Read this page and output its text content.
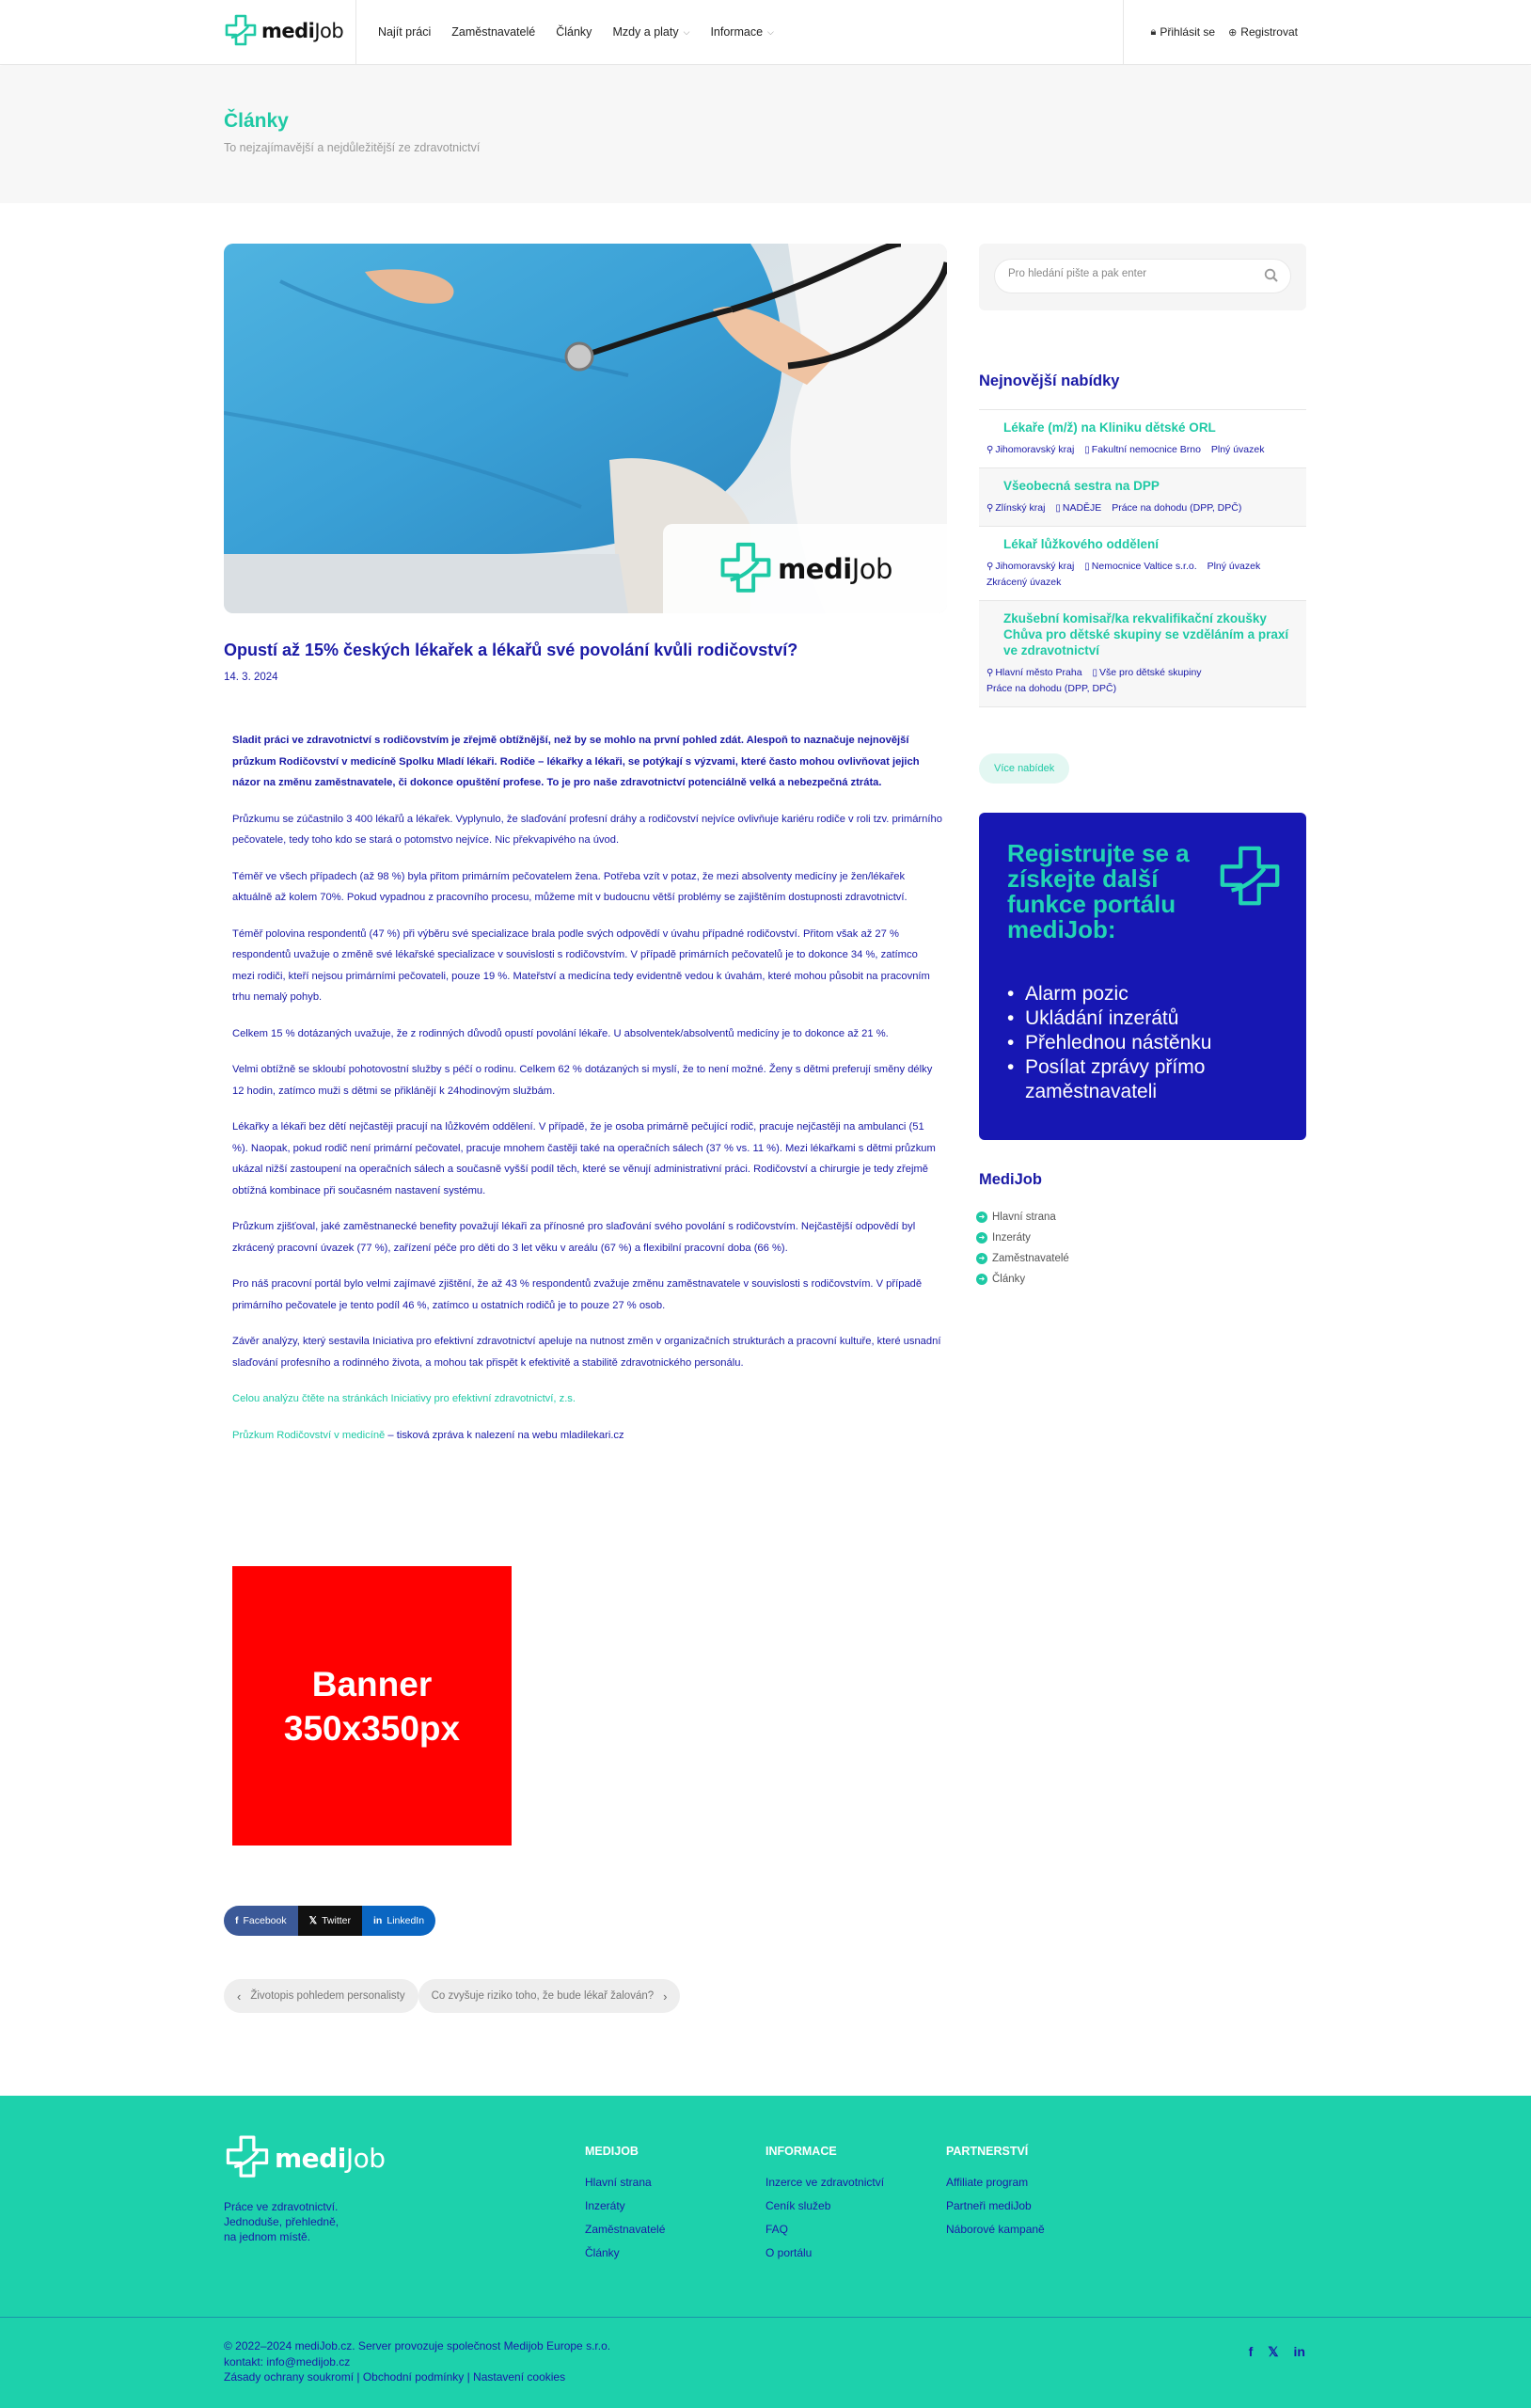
mediJob	Najít práci Zaměstnavatelé Články Mzdy a platy ⌵ Informace ⌵	🔒︎ Přihlásit se ⊕ Registrovat
Články

To nejzajímavější a nejdůležitější ze zdravotnictví

mediJob
Opustí až 15% českých lékařek a lékařů své povolání kvůli rodičovství?
14. 3. 2024

Sladit práci ve zdravotnictví s rodičovstvím je zřejmě obtížnější, než by se mohlo na první pohled zdát. Alespoň to naznačuje nejnovější průzkum Rodičovství v medicíně Spolku Mladí lékaři. Rodiče – lékařky a lékaři, se potýkají s výzvami, které často mohou ovlivňovat jejich názor na změnu zaměstnavatele, či dokonce opuštění profese. To je pro naše zdravotnictví potenciálně velká a nebezpečná ztráta.

Průzkumu se zúčastnilo 3 400 lékařů a lékařek. Vyplynulo, že slaďování profesní dráhy a rodičovství nejvíce ovlivňuje kariéru rodiče v roli tzv. primárního pečovatele, tedy toho kdo se stará o potomstvo nejvíce. Nic překvapivého na úvod.

Téměř ve všech případech (až 98 %) byla přitom primárním pečovatelem žena. Potřeba vzít v potaz, že mezi absolventy medicíny je žen/lékařek aktuálně až kolem 70%. Pokud vypadnou z pracovního procesu, můžeme mít v budoucnu větší problémy se zajištěním dostupnosti zdravotnictví.

Téměř polovina respondentů (47 %) při výběru své specializace brala podle svých odpovědí v úvahu případné rodičovství. Přitom však až 27 % respondentů uvažuje o změně své lékařské specializace v souvislosti s rodičovstvím. V případě primárních pečovatelů je to dokonce 34 %, zatímco mezi rodiči, kteří nejsou primárními pečovateli, pouze 19 %. Mateřství a medicína tedy evidentně vedou k úvahám, které mohou působit na pracovním trhu nemalý pohyb.

Celkem 15 % dotázaných uvažuje, že z rodinných důvodů opustí povolání lékaře. U absolventek/absolventů medicíny je to dokonce až 21 %.

Velmi obtížně se skloubí pohotovostní služby s péčí o rodinu. Celkem 62 % dotázaných si myslí, že to není možné. Ženy s dětmi preferují směny délky 12 hodin, zatímco muži s dětmi se přiklánějí k 24hodinovým službám.

Lékařky a lékaři bez dětí nejčastěji pracují na lůžkovém oddělení. V případě, že je osoba primárně pečující rodič, pracuje nejčastěji na ambulanci (51 %). Naopak, pokud rodič není primární pečovatel, pracuje mnohem častěji také na operačních sálech (37 % vs. 11 %). Mezi lékařkami s dětmi průzkum ukázal nižší zastoupení na operačních sálech a současně vyšší podíl těch, které se věnují administrativní práci. Rodičovství a chirurgie je tedy zřejmě obtížná kombinace při současném nastavení systému.

Průzkum zjišťoval, jaké zaměstnanecké benefity považují lékaři za přínosné pro slaďování svého povolání s rodičovstvím. Nejčastější odpovědí byl zkrácený pracovní úvazek (77 %), zařízení péče pro děti do 3 let věku v areálu (67 %) a flexibilní pracovní doba (66 %).

Pro náš pracovní portál bylo velmi zajímavé zjištění, že až 43 % respondentů zvažuje změnu zaměstnavatele v souvislosti s rodičovstvím. V případě primárního pečovatele je tento podíl 46 %, zatímco u ostatních rodičů je to pouze 27 % osob.

Závěr analýzy, který sestavila Iniciativa pro efektivní zdravotnictví apeluje na nutnost změn v organizačních strukturách a pracovní kultuře, které usnadní slaďování profesního a rodinného života, a mohou tak přispět k efektivitě a stabilitě zdravotnického personálu.

Celou analýzu čtěte na stránkách Iniciativy pro efektivní zdravotnictví, z.s.

Průzkum Rodičovství v medicíně – tisková zpráva k nalezení na webu mladilekari.cz

Banner
350x350px
f Facebook 𝕏 Twitter in LinkedIn
‹ Životopis pohledem personalisty Co zvyšuje riziko toho, že bude lékař žalován? ›
Pro hledání pište a pak enter
Nejnovější nabídky
Lékaře (m/ž) na Kliniku dětské ORL
⚲ Jihomoravský kraj ▯ Fakultní nemocnice Brno Plný úvazek
Všeobecná sestra na DPP
⚲ Zlínský kraj ▯ NADĚJE Práce na dohodu (DPP, DPČ)
Lékař lůžkového oddělení
⚲ Jihomoravský kraj ▯ Nemocnice Valtice s.r.o. Plný úvazek Zkrácený úvazek
Zkušební komisař/ka rekvalifikační zkoušky Chůva pro dětské skupiny se vzděláním a praxí ve zdravotnictví
⚲ Hlavní město Praha ▯ Vše pro dětské skupiny Práce na dohodu (DPP, DPČ)
Více nabídek
Registrujte se a získejte další funkce portálu mediJob:
• Alarm pozic
• Ukládání inzerátů
• Přehlednou nástěnku
• Posílat zprávy přímo zaměstnavateli
MediJob
➜ Hlavní strana
➜ Inzeráty
➜ Zaměstnavatelé
➜ Články
mediJob
Práce ve zdravotnictví.
Jednoduše, přehledně,
na jednom místě.
MEDIJOB
Hlavní strana
Inzeráty
Zaměstnavatelé
Články
INFORMACE
Inzerce ve zdravotnictví
Ceník služeb
FAQ
O portálu
PARTNERSTVÍ
Affiliate program
Partneři mediJob
Náborové kampaně
© 2022–2024 mediJob.cz. Server provozuje společnost Medijob Europe s.r.o.
kontakt: info@medijob.cz
Zásady ochrany soukromí | Obchodní podmínky | Nastavení cookies
f 𝕏 in
